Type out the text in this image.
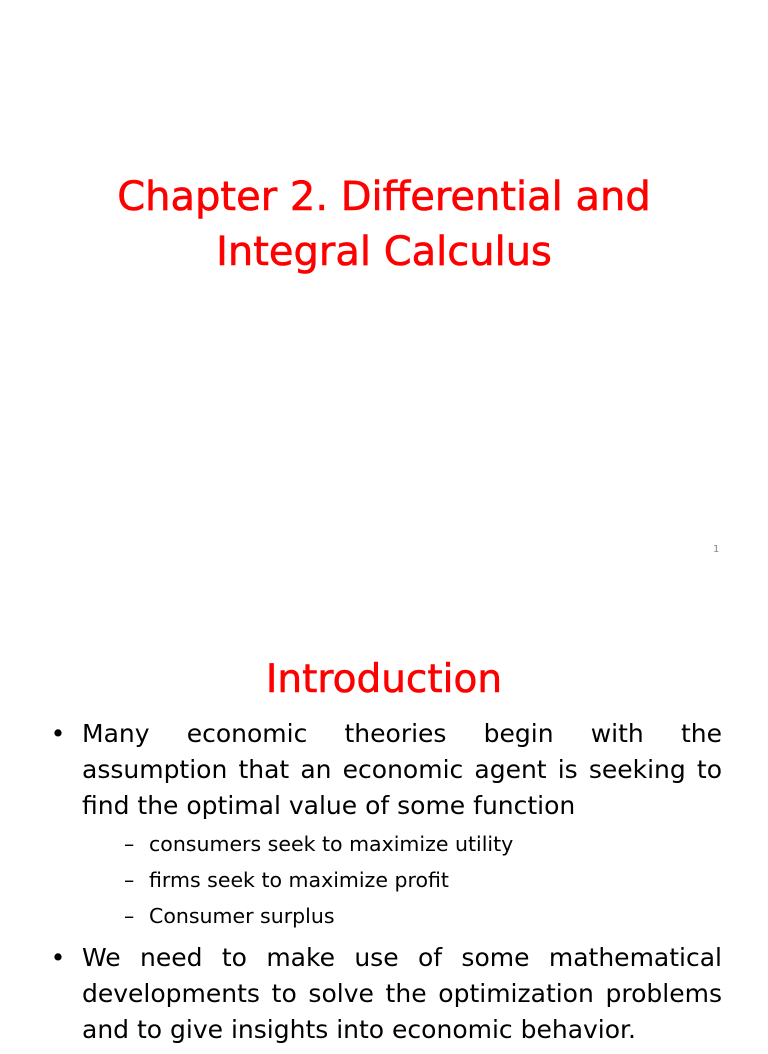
Chapter 2. Differential and
Integral Calculus
1
Introduction
• Many economic theories begin with the assumption that an economic agent is seeking to find the optimal value of some function
– consumers seek to maximize utility
– firms seek to maximize profit
– Consumer surplus
• We need to make use of some mathematical developments to solve the optimization problems and to give insights into economic behavior.
